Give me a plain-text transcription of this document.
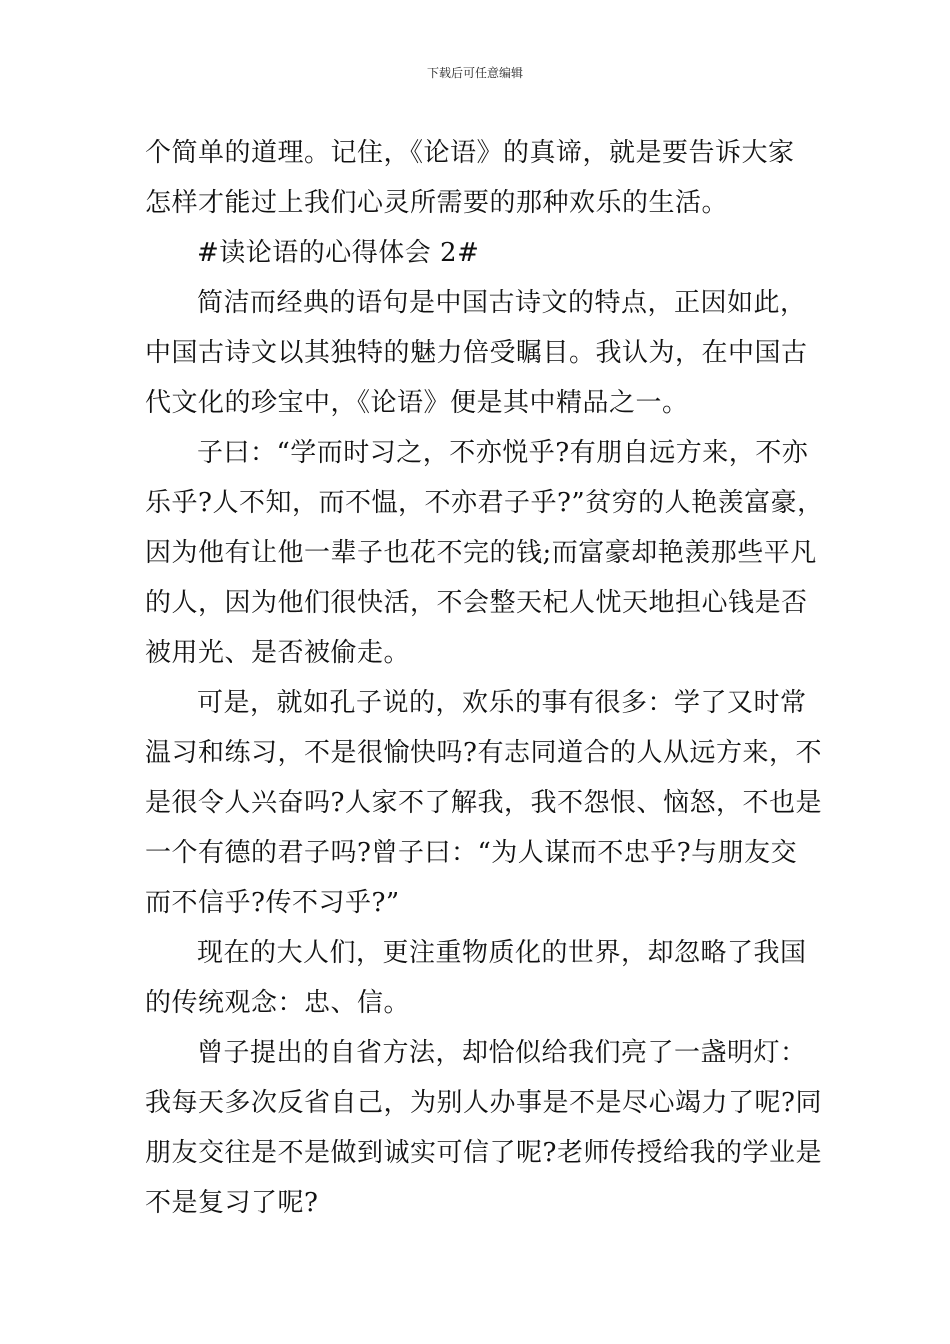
下载后可任意编辑
个简单的道理。记住，《论语》的真谛，就是要告诉大家
怎样才能过上我们心灵所需要的那种欢乐的生活。
#读论语的心得体会 2#
简洁而经典的语句是中国古诗文的特点，正因如此，
中国古诗文以其独特的魅力倍受瞩目。我认为，在中国古
代文化的珍宝中，《论语》便是其中精品之一。
子曰：“学而时习之，不亦悦乎?有朋自远方来，不亦
乐乎?人不知，而不愠，不亦君子乎?”贫穷的人艳羡富豪，
因为他有让他一辈子也花不完的钱;而富豪却艳羡那些平凡
的人，因为他们很快活，不会整天杞人忧天地担心钱是否
被用光、是否被偷走。
可是，就如孔子说的，欢乐的事有很多：学了又时常
温习和练习，不是很愉快吗?有志同道合的人从远方来，不
是很令人兴奋吗?人家不了解我，我不怨恨、恼怒，不也是
一个有德的君子吗?曾子曰：“为人谋而不忠乎?与朋友交
而不信乎?传不习乎?”
现在的大人们，更注重物质化的世界，却忽略了我国
的传统观念：忠、信。
曾子提出的自省方法，却恰似给我们亮了一盏明灯：
我每天多次反省自己，为别人办事是不是尽心竭力了呢?同
朋友交往是不是做到诚实可信了呢?老师传授给我的学业是
不是复习了呢?
